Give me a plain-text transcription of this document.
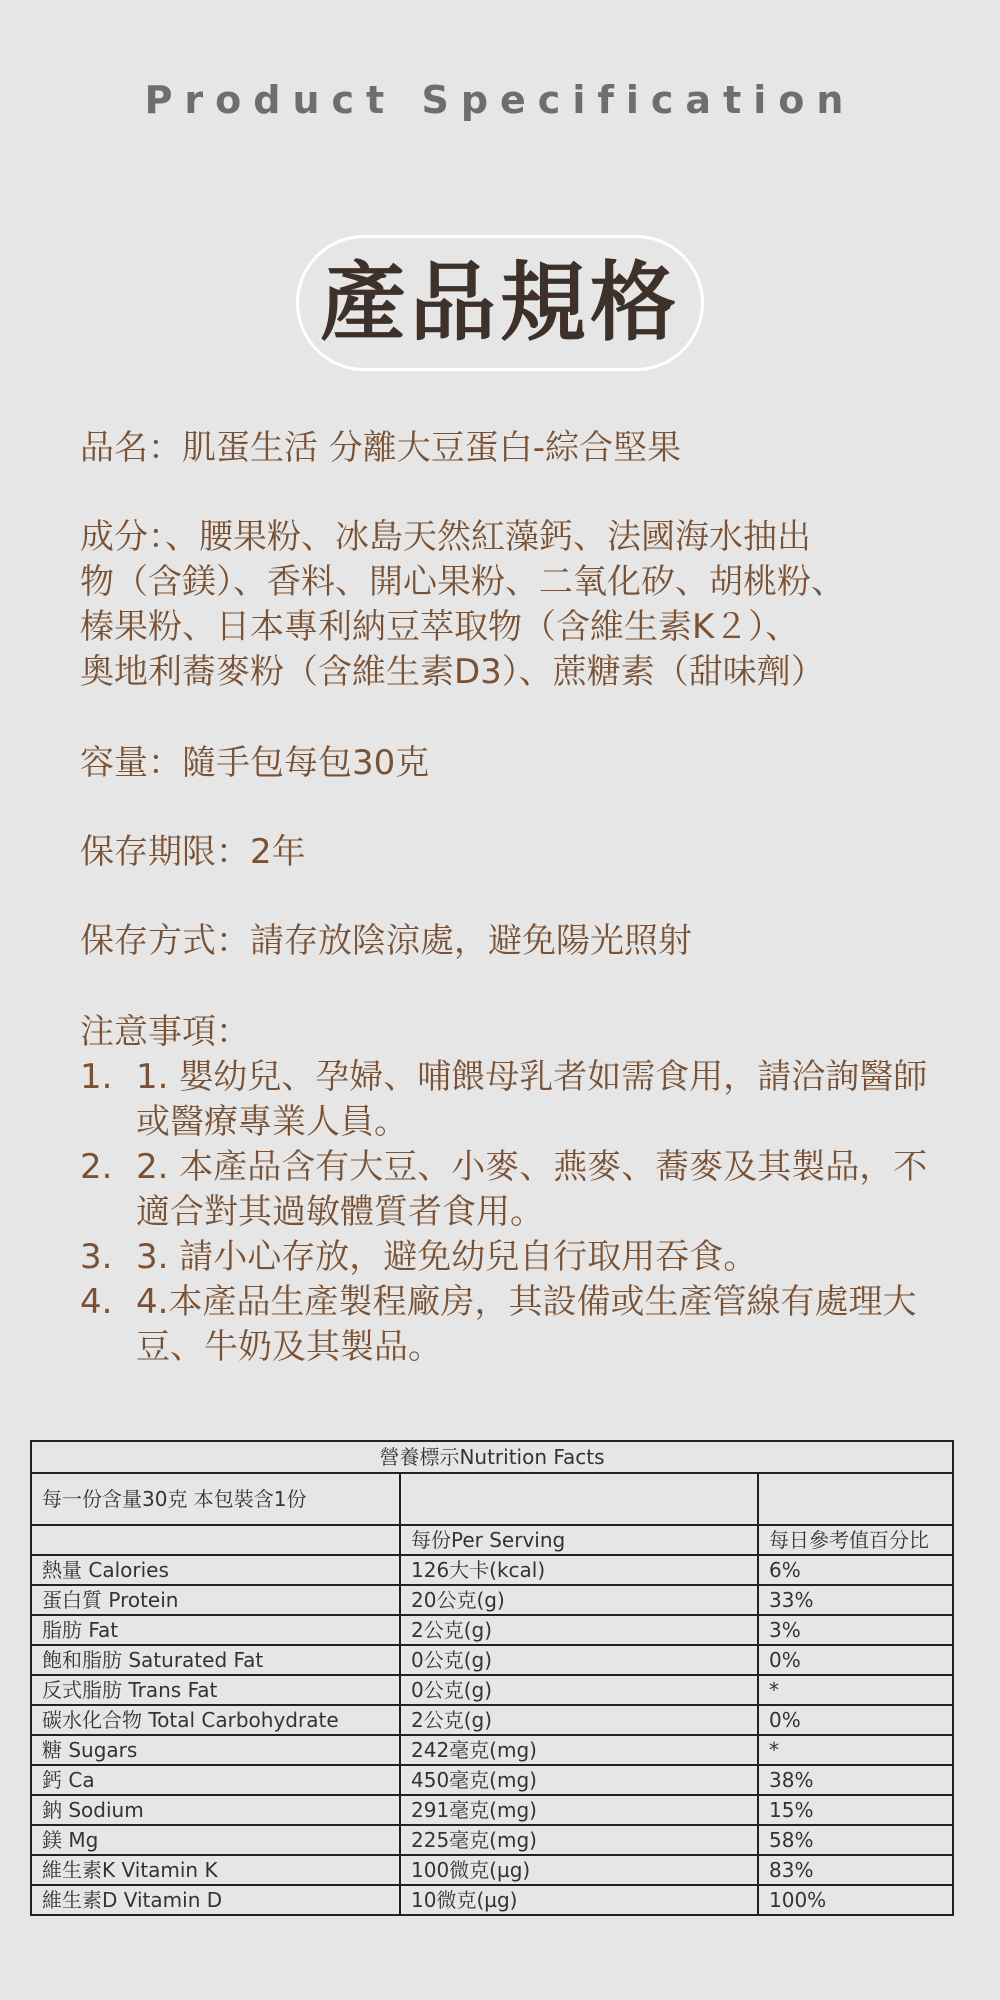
Product Specification
產品規格
品名：肌蛋生活 分離大豆蛋白-綜合堅果
成分：、腰果粉、冰島天然紅藻鈣、法國海水抽出
物（含鎂）、香料、開心果粉、二氧化矽、胡桃粉、
榛果粉、日本專利納豆萃取物（含維生素K２）、
奧地利蕎麥粉（含維生素D3）、蔗糖素（甜味劑）
容量：隨手包每包30克
保存期限：2年
保存方式：請存放陰涼處，避免陽光照射
注意事項：
1. 1. 嬰幼兒、孕婦、哺餵母乳者如需食用，請洽詢醫師或醫療專業人員。
2. 2. 本產品含有大豆、小麥、燕麥、蕎麥及其製品，不適合對其過敏體質者食用。
3. 3. 請小心存放，避免幼兒自行取用吞食。
4. 4.本產品生產製程廠房，其設備或生產管線有處理大豆、牛奶及其製品。
營養標示Nutrition Facts		
每一份含量30克 本包裝含1份		
	每份Per Serving	每日參考值百分比
熱量 Calories	126大卡(kcal)	6%
蛋白質 Protein	20公克(g)	33%
脂肪 Fat	2公克(g)	3%
飽和脂肪 Saturated Fat	0公克(g)	0%
反式脂肪 Trans Fat	0公克(g)	*
碳水化合物 Total Carbohydrate	2公克(g)	0%
糖 Sugars	242毫克(mg)	*
鈣 Ca	450毫克(mg)	38%
鈉 Sodium	291毫克(mg)	15%
鎂 Mg	225毫克(mg)	58%
維生素K Vitamin K	100微克(µg)	83%
維生素D Vitamin D	10微克(µg)	100%
